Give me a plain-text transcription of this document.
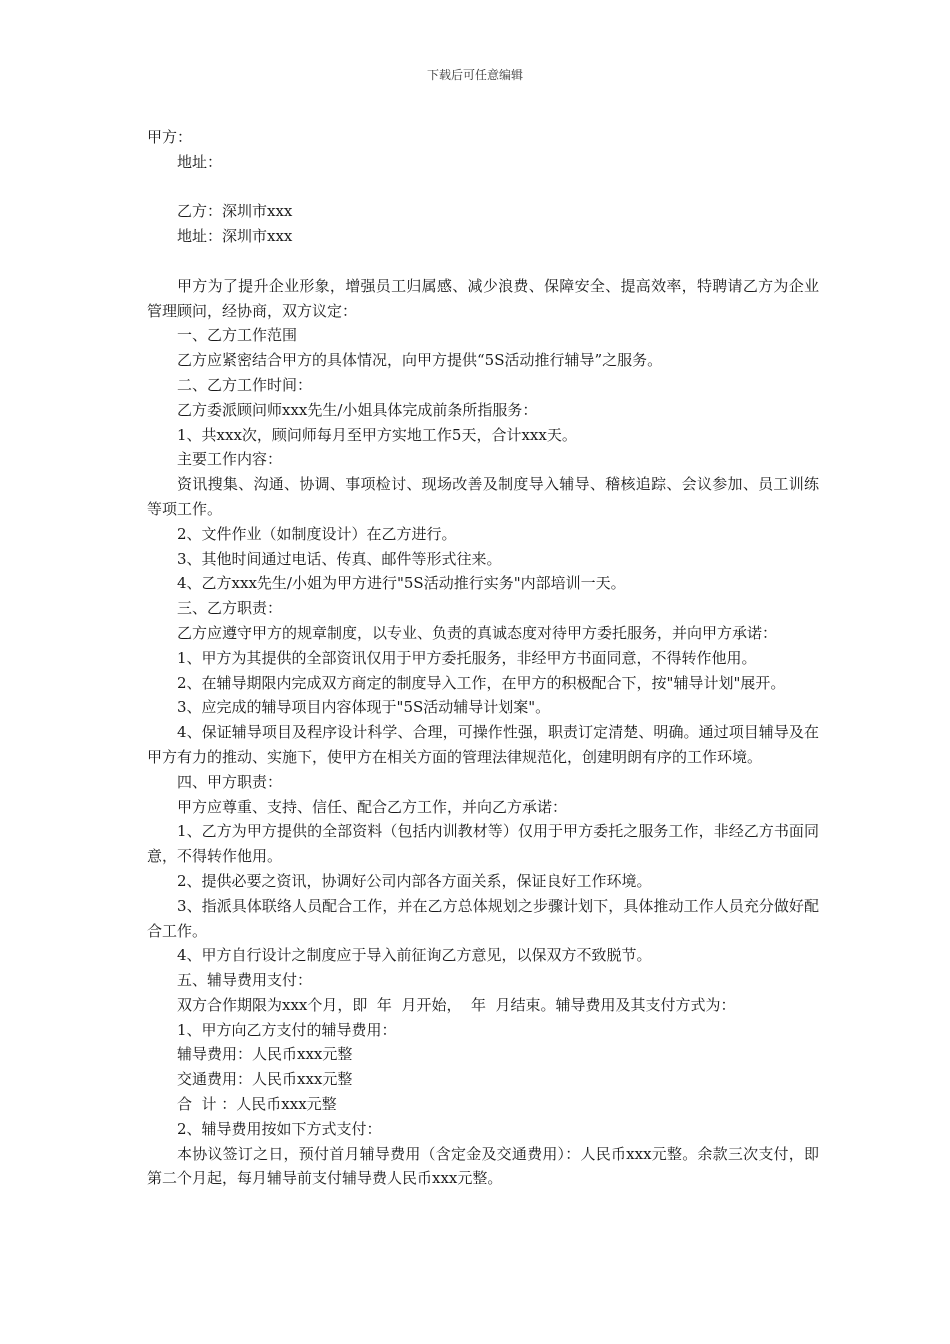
下载后可任意编辑

甲方：

地址：

乙方：深圳市xxx

地址：深圳市xxx

甲方为了提升企业形象，增强员工归属感、减少浪费、保障安全、提高效率，特聘请乙方为企业管理顾问，经协商，双方议定：

一、乙方工作范围

乙方应紧密结合甲方的具体情况，向甲方提供“5S活动推行辅导”之服务。

二、乙方工作时间：

乙方委派顾问师xxx先生/小姐具体完成前条所指服务：

1、共xxx次，顾问师每月至甲方实地工作5天，合计xxx天。

主要工作内容：

资讯搜集、沟通、协调、事项检讨、现场改善及制度导入辅导、稽核追踪、会议参加、员工训练等项工作。

2、文件作业（如制度设计）在乙方进行。

3、其他时间通过电话、传真、邮件等形式往来。

4、乙方xxx先生/小姐为甲方进行"5S活动推行实务"内部培训一天。

三、乙方职责：

乙方应遵守甲方的规章制度，以专业、负责的真诚态度对待甲方委托服务，并向甲方承诺：

1、甲方为其提供的全部资讯仅用于甲方委托服务，非经甲方书面同意，不得转作他用。

2、在辅导期限内完成双方商定的制度导入工作，在甲方的积极配合下，按"辅导计划"展开。

3、应完成的辅导项目内容体现于"5S活动辅导计划案"。

4、保证辅导项目及程序设计科学、合理，可操作性强，职责订定清楚、明确。通过项目辅导及在甲方有力的推动、实施下，使甲方在相关方面的管理法律规范化，创建明朗有序的工作环境。

四、甲方职责：

甲方应尊重、支持、信任、配合乙方工作，并向乙方承诺：

1、乙方为甲方提供的全部资料（包括内训教材等）仅用于甲方委托之服务工作，非经乙方书面同意，不得转作他用。

2、提供必要之资讯，协调好公司内部各方面关系，保证良好工作环境。

3、指派具体联络人员配合工作，并在乙方总体规划之步骤计划下，具体推动工作人员充分做好配合工作。

4、甲方自行设计之制度应于导入前征询乙方意见，以保双方不致脱节。

五、辅导费用支付：

双方合作期限为xxx个月，即  年  月开始，  年  月结束。辅导费用及其支付方式为：

1、甲方向乙方支付的辅导费用：

辅导费用：人民币xxx元整

交通费用：人民币xxx元整

合  计 ：人民币xxx元整

2、辅导费用按如下方式支付：

本协议签订之日，预付首月辅导费用（含定金及交通费用）：人民币xxx元整。余款三次支付，即第二个月起，每月辅导前支付辅导费人民币xxx元整。
